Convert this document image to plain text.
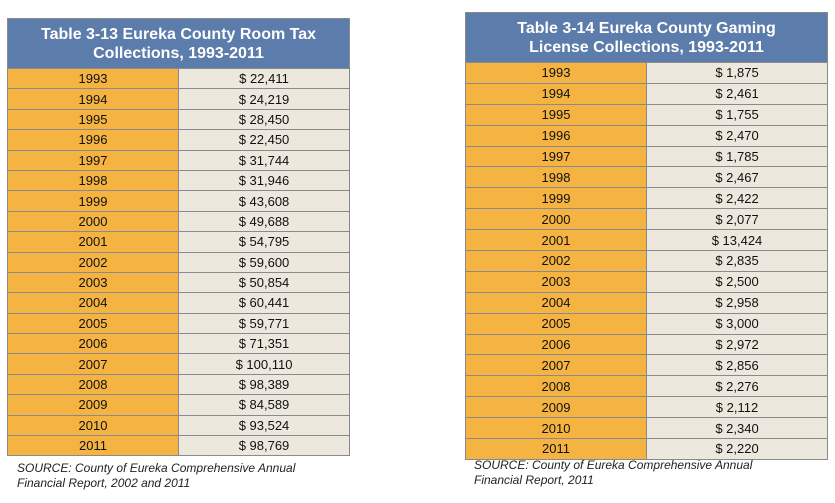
Table 3-13 Eureka County Room Tax
Collections, 1993-2011	

1993	$ 22,411
1994	$ 24,219
1995	$ 28,450
1996	$ 22,450
1997	$ 31,744
1998	$ 31,946
1999	$ 43,608
2000	$ 49,688
2001	$ 54,795
2002	$ 59,600
2003	$ 50,854
2004	$ 60,441
2005	$ 59,771
2006	$ 71,351
2007	$ 100,110
2008	$ 98,389
2009	$ 84,589
2010	$ 93,524
2011	$ 98,769
Table 3-14 Eureka County Gaming
License Collections, 1993-2011	

1993	$ 1,875
1994	$ 2,461
1995	$ 1,755
1996	$ 2,470
1997	$ 1,785
1998	$ 2,467
1999	$ 2,422
2000	$ 2,077
2001	$ 13,424
2002	$ 2,835
2003	$ 2,500
2004	$ 2,958
2005	$ 3,000
2006	$ 2,972
2007	$ 2,856
2008	$ 2,276
2009	$ 2,112
2010	$ 2,340
2011	$ 2,220
SOURCE: County of Eureka Comprehensive Annual
Financial Report, 2002 and 2011
SOURCE: County of Eureka Comprehensive Annual
Financial Report, 2011
